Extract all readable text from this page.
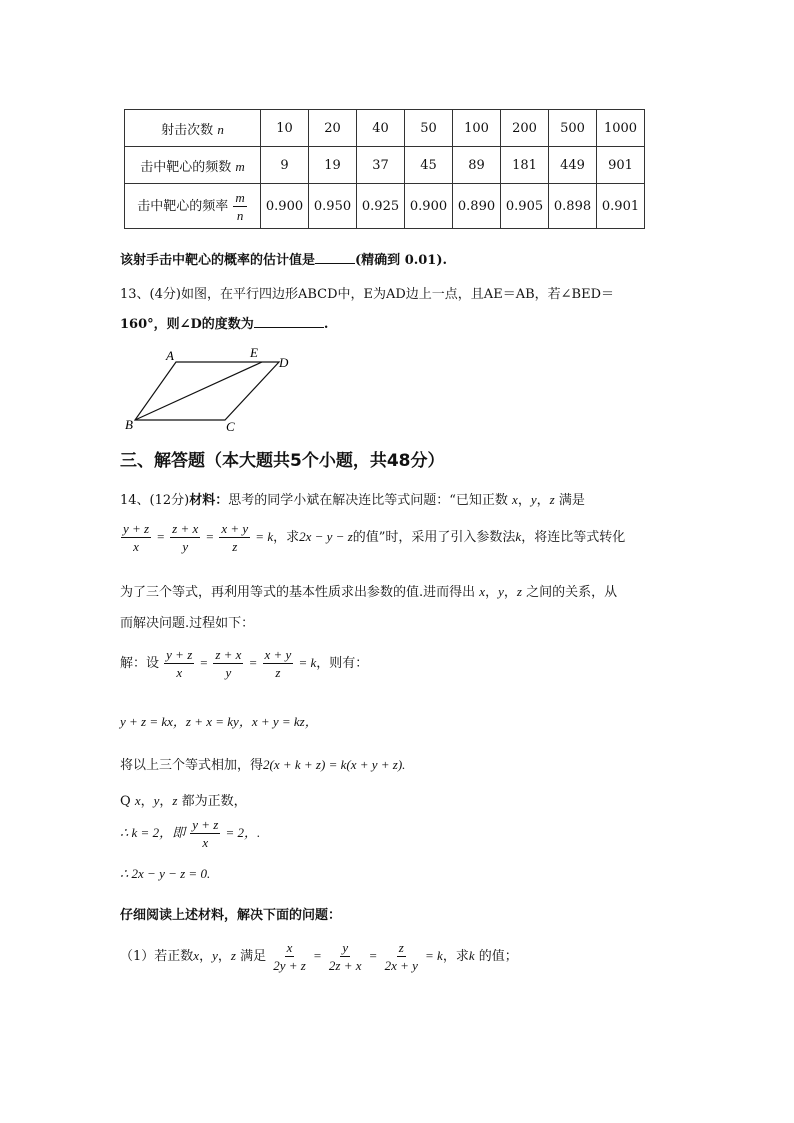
射击次数 n	10	20	40	50	100	200	500	1000
击中靶心的频数 m	9	19	37	45	89	181	449	901
击中靶心的频率 $\frac{m}{n}$	0.900	0.950	0.925	0.900	0.890	0.905	0.898	0.901
该射手击中靶心的概率的估计值是	(精确到 0.01).
13、(4分)如图，在平行四边形ABCD中，E为AD边上一点，且AE＝AB，若∠BED＝
160°，则∠D的度数为	.
A	E
D
B	C
三、解答题（本大题共5个小题，共48分）
14、(12分)材料：思考的同学小斌在解决连比等式问题：“已知正数 x，y，z 满是
$\frac{y + z}{x} = \frac{z + x}{y} = \frac{x + y}{z} = k$，求2x − y − z的值”时，采用了引入参数法k，将连比等式转化
为了三个等式，再利用等式的基本性质求出参数的值.进而得出 x，y，z 之间的关系，从
而解决问题.过程如下：
解：设 $\frac{y + z}{x} = \frac{z + x}{y} = \frac{x + y}{z} = k$，则有：
y + z = kx，z + x = ky，x + y = kz，
将以上三个等式相加，得2(x + k + z) = k(x + y + z).
Q x，y，z 都为正数，
∴ k = 2，即 $\frac{y + z}{x} = 2$，.
∴ 2x − y − z = 0.
仔细阅读上述材料，解决下面的问题：
（1）若正数x，y，z 满足 $\frac{x}{2y + z} = \frac{y}{2z + x} = \frac{z}{2x + y} = k$，求k 的值；
